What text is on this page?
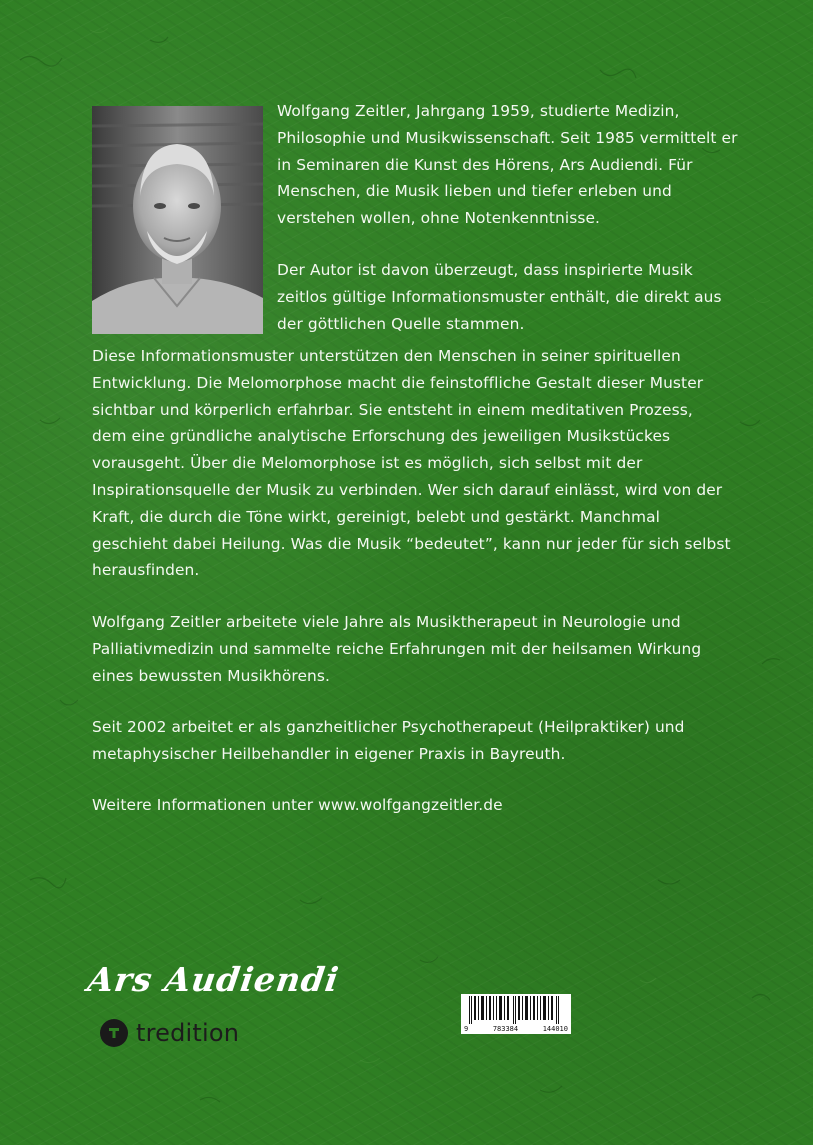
Wolfgang Zeitler, Jahrgang 1959, studierte Medizin, Philosophie und Musikwissenschaft. Seit 1985 vermittelt er in Seminaren die Kunst des Hörens, Ars Audiendi. Für Menschen, die Musik lieben und tiefer erleben und verstehen wollen, ohne Notenkenntnisse.

Der Autor ist davon überzeugt, dass inspirierte Musik zeitlos gültige Informationsmuster enthält, die direkt aus der göttlichen Quelle stammen.

Diese Informationsmuster unterstützen den Menschen in seiner spirituellen Entwicklung. Die Melomorphose macht die feinstoffliche Gestalt dieser Muster sichtbar und körperlich erfahrbar. Sie entsteht in einem meditativen Prozess, dem eine gründliche analytische Erforschung des jeweiligen Musikstückes vorausgeht. Über die Melomorphose ist es möglich, sich selbst mit der Inspirationsquelle der Musik zu verbinden. Wer sich darauf einlässt, wird von der Kraft, die durch die Töne wirkt, gereinigt, belebt und gestärkt. Manchmal geschieht dabei Heilung. Was die Musik “bedeutet”, kann nur jeder für sich selbst herausfinden.

Wolfgang Zeitler arbeitete viele Jahre als Musiktherapeut in Neurologie und Palliativmedizin und sammelte reiche Erfahrungen mit der heilsamen Wirkung eines bewussten Musikhörens.

Seit 2002 arbeitet er als ganzheitlicher Psychotherapeut (Heilpraktiker) und metaphysischer Heilbehandler in eigener Praxis in Bayreuth.

Weitere Informationen unter www.wolfgangzeitler.de

Ars Audiendi
tredition	9	783384	144010
